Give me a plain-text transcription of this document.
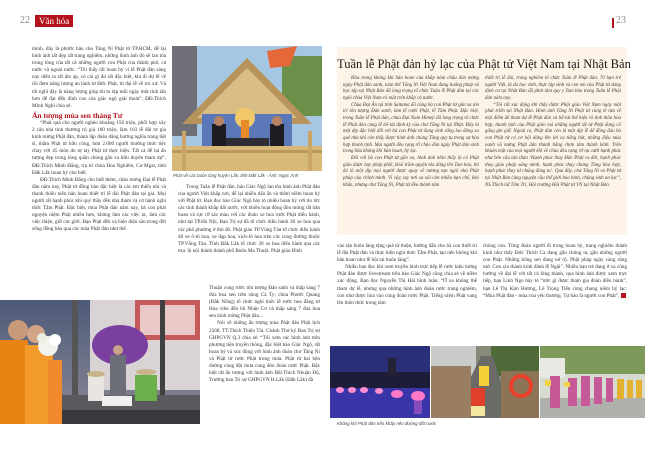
22	Văn hóa

minh, đây là phước báu cho Tăng Ni Phật tử TP.HCM, để lại hình ảnh rất đẹp rất trang nghiêm, những hình ảnh đó sẽ lan tỏa trong lòng của tất cả những người con Phật của thành phố, cả nước và ngoài nước. “Tôi thấy rất hoan hỷ vì lễ Phật đản sáng nay diễn ra rất ấm áp, có cái gì đó rất đặc biệt, khi đi dự lễ về rồi đem năng lượng an lành từ Đức Phật, từ đại lễ về trú xứ. Và tôi nghĩ đây là năng lượng giúp tôi tu tập mỗi ngày một tinh tấn hơn để đạt đến đỉnh cao của giác ngộ giải thoát”, ĐĐ.Thích Minh Nghi chia sẻ.

Ấn tượng mùa sen tháng Tư

“Phát quà cho người nghèo khoảng 150 triệu, phối hợp xây 2 căn nhà tình thương trị giá 160 triệu, làm 103 lễ đài tư gia kính mừng Phật đản, thành lập đoàn dâng hương nghĩa trang liệt sĩ, thăm Phật tử hữu công, hơn 2.000 người thưởng thức tiệc chay với 45 món do tự tay Phật tử thực hiện. Tất cả để lại ấn tượng đẹp trong lòng quần chúng gần xa hữu duyên tham dự”, ĐĐ.Thích Minh Đăng, trụ trì chùa Hoa Nghiêm, Cư Mgar, tỉnh Đắk Lắk hoan hỷ cho biết.

ĐĐ.Thích Minh Đăng cho biết thêm, chào mừng Đại lễ Phật đản năm nay, Phật tử đồng bào đặc biệt là các em thiếu nhi và thanh thiếu niên hân hoan thiết trí lễ đài Phật đản tại gia. Mọi người rất hạnh phúc khi quý thầy đến nhà thăm và cử hành nghi thức Tắm Phật. Đặc biệt, mùa Phật đản năm nay, bà con phát nguyện niệm Phật nhiều hơn, không làm các việc ác, làm các việc thiện, giữ các giới. Đạo Phật đến và hiện diện sâu trong đời sống đồng bào qua các mùa Phật đản như thế.

Phật về các buôn làng huyện Lắk, tỉnh Đắk Lắk - Ảnh: Ngọc Ánh

Trong Tuần lễ Phật đản, báo Giác Ngộ lan tỏa hình ảnh Phật đản của người Việt khắp nơi, để lại nhiều dấu ấn và thêm niềm hoan hỷ với Phật tử. Bạn đọc báo Giác Ngộ bày tỏ nhiều hoan hỷ với tin tức các tỉnh thành khắp đất nước, với nhiều hoạt động đón mừng rất hân hoan và rực rỡ sắc màu với các đoàn xe hoa rước Phật diễu hành, như tại TP.Hà Nội, Ban Trị sự đã tổ chức diễu hành 30 xe hoa qua các phố phường ở thủ đô. Phật giáo TP.Vũng Tàu tổ chức diễu hành 40 xe ô-tô hoa, xe đạp hoa, xích-lô hoa trên các cung đường thuộc TP.Vũng Tàu. Tỉnh Đắk Lắk tổ chức 30 xe hoa diễu hành qua các trục lộ nội thành thành phố Buôn Ma Thuột. Phật giáo Bình

Thuận cung rước tôn tượng Đản sanh và thắp sáng 7 đóa hoa sen trên sông Cà Ty; chùa Phước Quang (Đắk Nông) tổ chức nghi thức lễ rước hoa đăng từ Hoa viên đến hồ Nhân Cơ và thắp sáng 7 đóa hoa sen kính mừng Phật đản...

Nói về những ấn tượng mùa Phật đản Phật lịch 2568, TT.Thích Thiện Tài, Chánh Thư ký Ban Trị sự GHPGVN Q.3 chia sẻ: “Tôi xem các hình ảnh trên phương tiện truyền thông, đặc biệt báo Giác Ngộ, rất hoan hỷ và xúc động với hình ảnh đoàn chư Tăng Ni và Phật tử rước Phật trong mưa. Phật tử hai bên đường cùng đội mưa cung đón đoàn rước Phật. Đặc biệt rất ấn tượng với hình ảnh ĐĐ.Thích Nhuận Độ, Trưởng ban Trị sự GHPGVN H.Lắk (Đắk Lắk) đã

23
Tuần lễ Phật đản hỷ lạc của Phật tử Việt Nam tại Nhật Bản

Hòa trong không khí hân hoan của khắp năm châu đón mừng ngày Phật đản sanh, toàn thể Tăng Ni Việt Nam đang hoằng pháp và học tập tại Nhật Bản đã long trọng tổ chức Tuần lễ Phật đản tại các ngôi chùa Việt Nam có mặt trên khắp cả nước.

Chùa Đại Ấn tại tỉnh Saitama đã cùng bà con Phật tử gần xa tôn trí tôn tượng Đản sanh, làm lễ rước Phật, lễ Tắm Phật. Đặc biệt, trong Tuần lễ Phật đản, chùa Đại Nam Himeji đã long trọng tổ chức lễ Phật đản cùng lễ bố-tát định kỳ của chư Tăng Ni tại Nhật. Đây là một dịp đặc biệt đối với bà con Phật tử đang sinh sống lao động xa quê nhà khi còn thấy được hình ảnh chúng Tăng quy tụ trong sự hòa hợp thanh tịnh. Mọi người đều rạng rỡ chào đón ngày Phật đản sinh trong bầu không khí hân hoan, hỷ lạc.

Đối với bà con Phật tử gần xa, hình ảnh nhìn thấy là có Phật giáo được hay pháp phối, khói trầm quyện tỏa dâng lên Tam bảo, thì đó là một dịp mọi người được quay về nương tựa ngôi nhà Phật pháp của chính mình. Vì vậy, tuy nơi xa xôi còn nhiều hạn chế, khó khăn, nhưng chư Tăng Ni, Phật tử đều thành tâm

thiết trí lễ đài, trang nghiêm tổ chức Tuần lễ Phật đản. 70 bạn trẻ người Việt, là du học sinh, thực tập sinh và con em của Phật tử đang định cư tại Nhật Bản đã phát tâm quy y Tam bảo trong Tuần lễ Phật đản năm nay.

“Tôi rất xúc động khi thấy được Phật giáo Việt Nam ngày một phát triển tại Nhật Bản. Hình ảnh Tăng Ni Phật tử cùng tề tựu về một điểm để tham dự lễ Phật đản và bố-tát thể hiện rõ tinh thần hòa hợp, thanh tịnh của Phật giáo mà những người đệ tử Phật đang cố gắng gìn giữ. Ngoài ra, Phật đản còn là một dịp lễ để đồng đảo bà con Phật tử có cơ hội dâng lên lời ca tiếng hát, những điệu múa oanh vũ mừng Phật đản thanh bằng chơn tâm thành kính. Trên khuôn mặt của mọi người khi về chùa đều rạng rỡ nụ cười hạnh phúc như bên câu tán thán ‘Hạnh phúc thay Đức Phật ra đời, hạnh phúc thay giáo pháp sáng minh, hạnh phúc thay chúng Tăng hòa hợp, hạnh phúc thay tứ chúng đồng tu’. Qua đây, chư Tăng Ni và Phật tử tại Nhật Bản cùng nguyện cầu thế giới hòa bình, chúng sinh an lạc”, NS.Thích nữ Tâm Trí, Hội trưởng Hội Phật tử VN tại Nhật Bản.

vào tận buôn làng tặng quà từ thiện, hướng dẫn cho bà con thiết trí lễ đài Phật đản và thực hiện nghi thức Tắm Phật, tạo nên không khí hân hoan như lễ hội tại buôn làng”.

Nhiều bạn đọc khi xem truyền hình trực tiếp lễ rước kiệu mừng Phật đản được livestream trên báo Giác Ngộ cũng chia sẻ về niềm xúc động. Bạn đọc Nguyễn Thị Hải bình luận: “Ở xa không thể tham dự lễ, nhưng qua những hình ảnh đoàn rước trang nghiêm, con như được hòa vào cùng đoàn rước Phật. Tiếng niệm Phật vang lên thôn thức trong tâm

chúng con. Từng đoàn người đi trong hoan hỷ, trang nghiêm thành kính như thấy Đức Thích Ca đang gần chúng ta, gần những người con Phật. Những bông sen đang nở rộ. Phật pháp ngày càng rộng mở. Con xin thành kính đảnh lễ Ngài”. Nhiều bạn trẻ đang ở xa cũng hướng về đại lễ với tất cả lòng thành, qua hình ảnh được xem trực tiếp, bạn Linh Ngo bày tỏ “ước gì được tham gia đoàn diễu hành”, bạn Lê Thị Kim Hương, Lê Trọng Tiến cùng chung niềm hỷ lạc: “Mùa Phật đản - mùa của yêu thương. Tự hào là người con Phật”.

Không khí Phật đản trên khắp nẻo đường đất nước
